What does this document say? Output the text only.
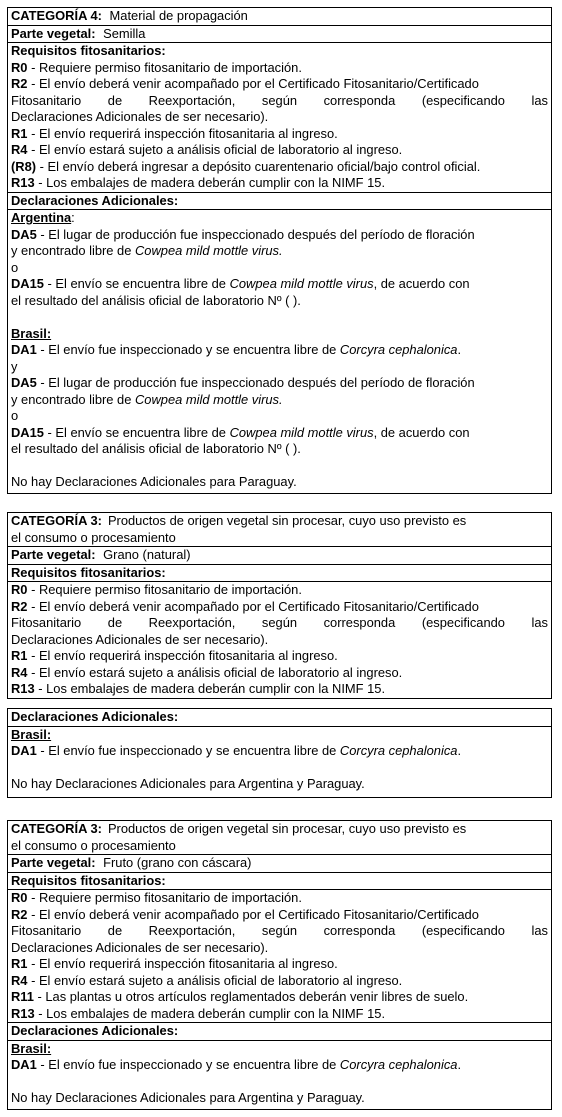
CATEGORÍA 4: Material de propagación
Parte vegetal: Semilla
Requisitos fitosanitarios:
R0 - Requiere permiso fitosanitario de importación.
R2 - El envío deberá venir acompañado por el Certificado Fitosanitario/Certificado
Fitosanitario de Reexportación, según corresponda (especificando las
Declaraciones Adicionales de ser necesario).
R1 - El envío requerirá inspección fitosanitaria al ingreso.
R4 - El envío estará sujeto a análisis oficial de laboratorio al ingreso.
(R8) - El envío deberá ingresar a depósito cuarentenario oficial/bajo control oficial.
R13 - Los embalajes de madera deberán cumplir con la NIMF 15.
Declaraciones Adicionales:
Argentina:
DA5 - El lugar de producción fue inspeccionado después del período de floración
y encontrado libre de Cowpea mild mottle virus.
o
DA15 - El envío se encuentra libre de Cowpea mild mottle virus, de acuerdo con
el resultado del análisis oficial de laboratorio Nº ( ).
Brasil:
DA1 - El envío fue inspeccionado y se encuentra libre de Corcyra cephalonica.
y
DA5 - El lugar de producción fue inspeccionado después del período de floración
y encontrado libre de Cowpea mild mottle virus.
o
DA15 - El envío se encuentra libre de Cowpea mild mottle virus, de acuerdo con
el resultado del análisis oficial de laboratorio Nº ( ).
No hay Declaraciones Adicionales para Paraguay.
CATEGORÍA 3: Productos de origen vegetal sin procesar, cuyo uso previsto es
el consumo o procesamiento
Parte vegetal: Grano (natural)
Requisitos fitosanitarios:
R0 - Requiere permiso fitosanitario de importación.
R2 - El envío deberá venir acompañado por el Certificado Fitosanitario/Certificado
Fitosanitario de Reexportación, según corresponda (especificando las
Declaraciones Adicionales de ser necesario).
R1 - El envío requerirá inspección fitosanitaria al ingreso.
R4 - El envío estará sujeto a análisis oficial de laboratorio al ingreso.
R13 - Los embalajes de madera deberán cumplir con la NIMF 15.
Declaraciones Adicionales:
Brasil:
DA1 - El envío fue inspeccionado y se encuentra libre de Corcyra cephalonica.
No hay Declaraciones Adicionales para Argentina y Paraguay.
CATEGORÍA 3: Productos de origen vegetal sin procesar, cuyo uso previsto es
el consumo o procesamiento
Parte vegetal: Fruto (grano con cáscara)
Requisitos fitosanitarios:
R0 - Requiere permiso fitosanitario de importación.
R2 - El envío deberá venir acompañado por el Certificado Fitosanitario/Certificado
Fitosanitario de Reexportación, según corresponda (especificando las
Declaraciones Adicionales de ser necesario).
R1 - El envío requerirá inspección fitosanitaria al ingreso.
R4 - El envío estará sujeto a análisis oficial de laboratorio al ingreso.
R11 - Las plantas u otros artículos reglamentados deberán venir libres de suelo.
R13 - Los embalajes de madera deberán cumplir con la NIMF 15.
Declaraciones Adicionales:
Brasil:
DA1 - El envío fue inspeccionado y se encuentra libre de Corcyra cephalonica.
No hay Declaraciones Adicionales para Argentina y Paraguay.
